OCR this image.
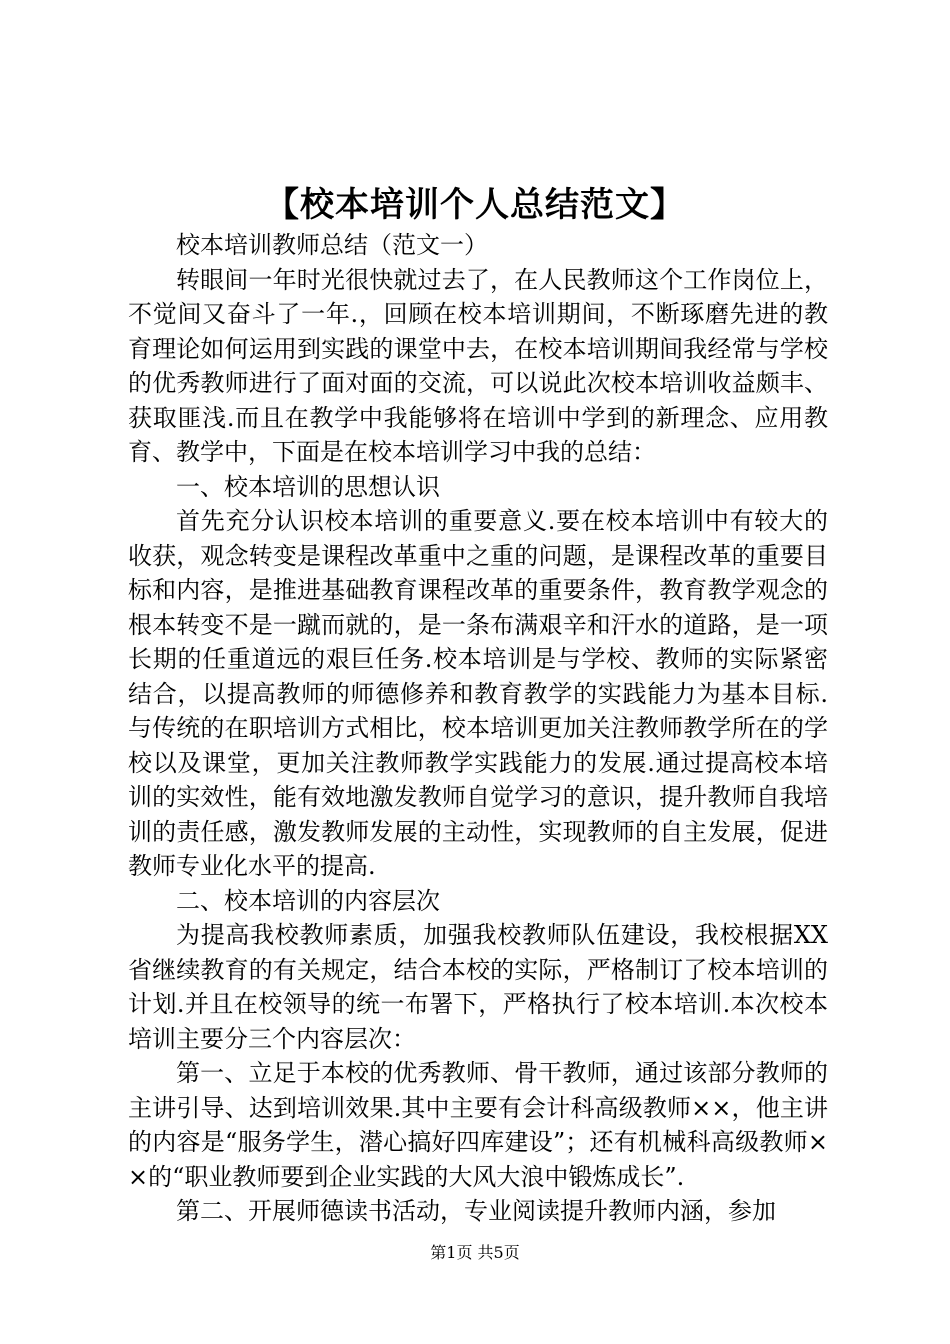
【校本培训个人总结范文】

校本培训教师总结（范文一）

转眼间一年时光很快就过去了，在人民教师这个工作岗位上，不觉间又奋斗了一年.，回顾在校本培训期间，不断琢磨先进的教育理论如何运用到实践的课堂中去，在校本培训期间我经常与学校的优秀教师进行了面对面的交流，可以说此次校本培训收益颇丰、获取匪浅.而且在教学中我能够将在培训中学到的新理念、应用教育、教学中，下面是在校本培训学习中我的总结：

一、校本培训的思想认识

首先充分认识校本培训的重要意义.要在校本培训中有较大的收获，观念转变是课程改革重中之重的问题，是课程改革的重要目标和内容，是推进基础教育课程改革的重要条件，教育教学观念的根本转变不是一蹴而就的，是一条布满艰辛和汗水的道路，是一项长期的任重道远的艰巨任务.校本培训是与学校、教师的实际紧密结合，以提高教师的师德修养和教育教学的实践能力为基本目标.与传统的在职培训方式相比，校本培训更加关注教师教学所在的学校以及课堂，更加关注教师教学实践能力的发展.通过提高校本培训的实效性，能有效地激发教师自觉学习的意识，提升教师自我培训的责任感，激发教师发展的主动性，实现教师的自主发展，促进教师专业化水平的提高.

二、校本培训的内容层次

为提高我校教师素质，加强我校教师队伍建设，我校根据XX省继续教育的有关规定，结合本校的实际，严格制订了校本培训的计划.并且在校领导的统一布署下，严格执行了校本培训.本次校本培训主要分三个内容层次：

第一、立足于本校的优秀教师、骨干教师，通过该部分教师的主讲引导、达到培训效果.其中主要有会计科高级教师××，他主讲的内容是“服务学生，潜心搞好四库建设”；还有机械科高级教师××的“职业教师要到企业实践的大风大浪中锻炼成长”.

第二、开展师德读书活动，专业阅读提升教师内涵，参加

第1页 共5页
